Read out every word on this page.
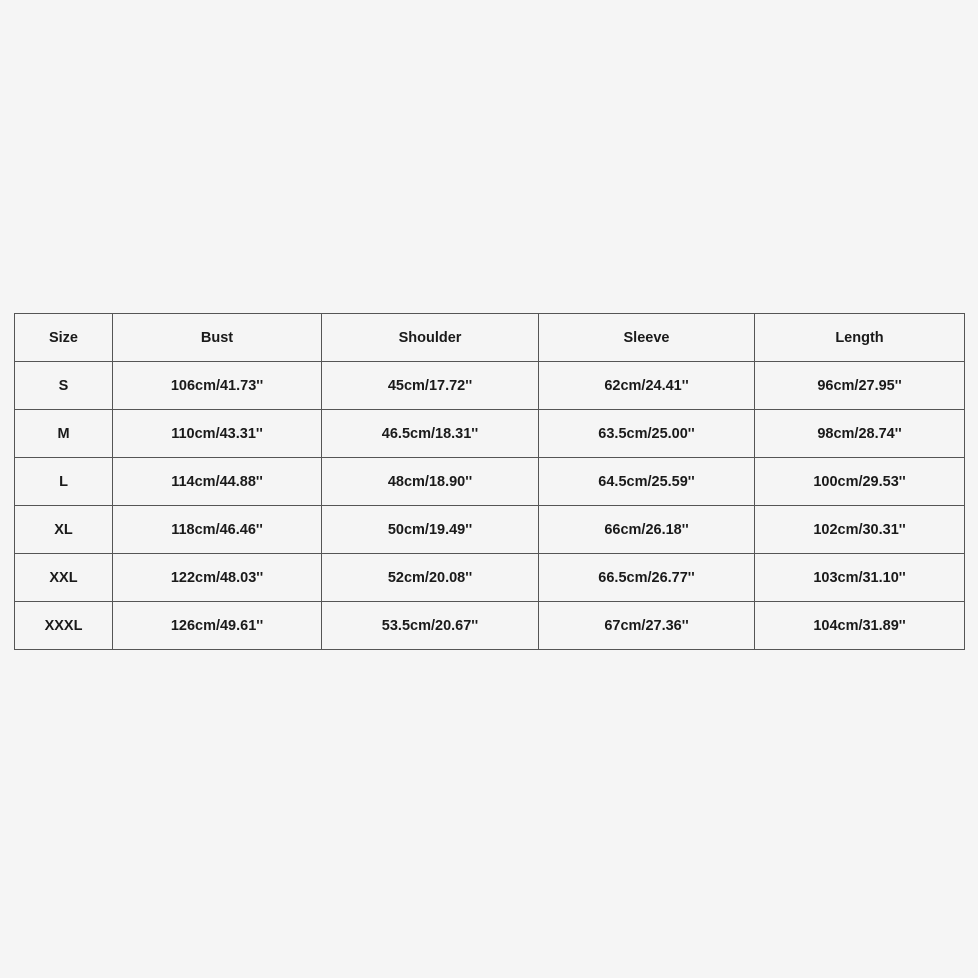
Size	Bust	Shoulder	Sleeve	Length
S	106cm/41.73''	45cm/17.72''	62cm/24.41''	96cm/27.95''
M	110cm/43.31''	46.5cm/18.31''	63.5cm/25.00''	98cm/28.74''
L	114cm/44.88''	48cm/18.90''	64.5cm/25.59''	100cm/29.53''
XL	118cm/46.46''	50cm/19.49''	66cm/26.18''	102cm/30.31''
XXL	122cm/48.03''	52cm/20.08''	66.5cm/26.77''	103cm/31.10''
XXXL	126cm/49.61''	53.5cm/20.67''	67cm/27.36''	104cm/31.89''
